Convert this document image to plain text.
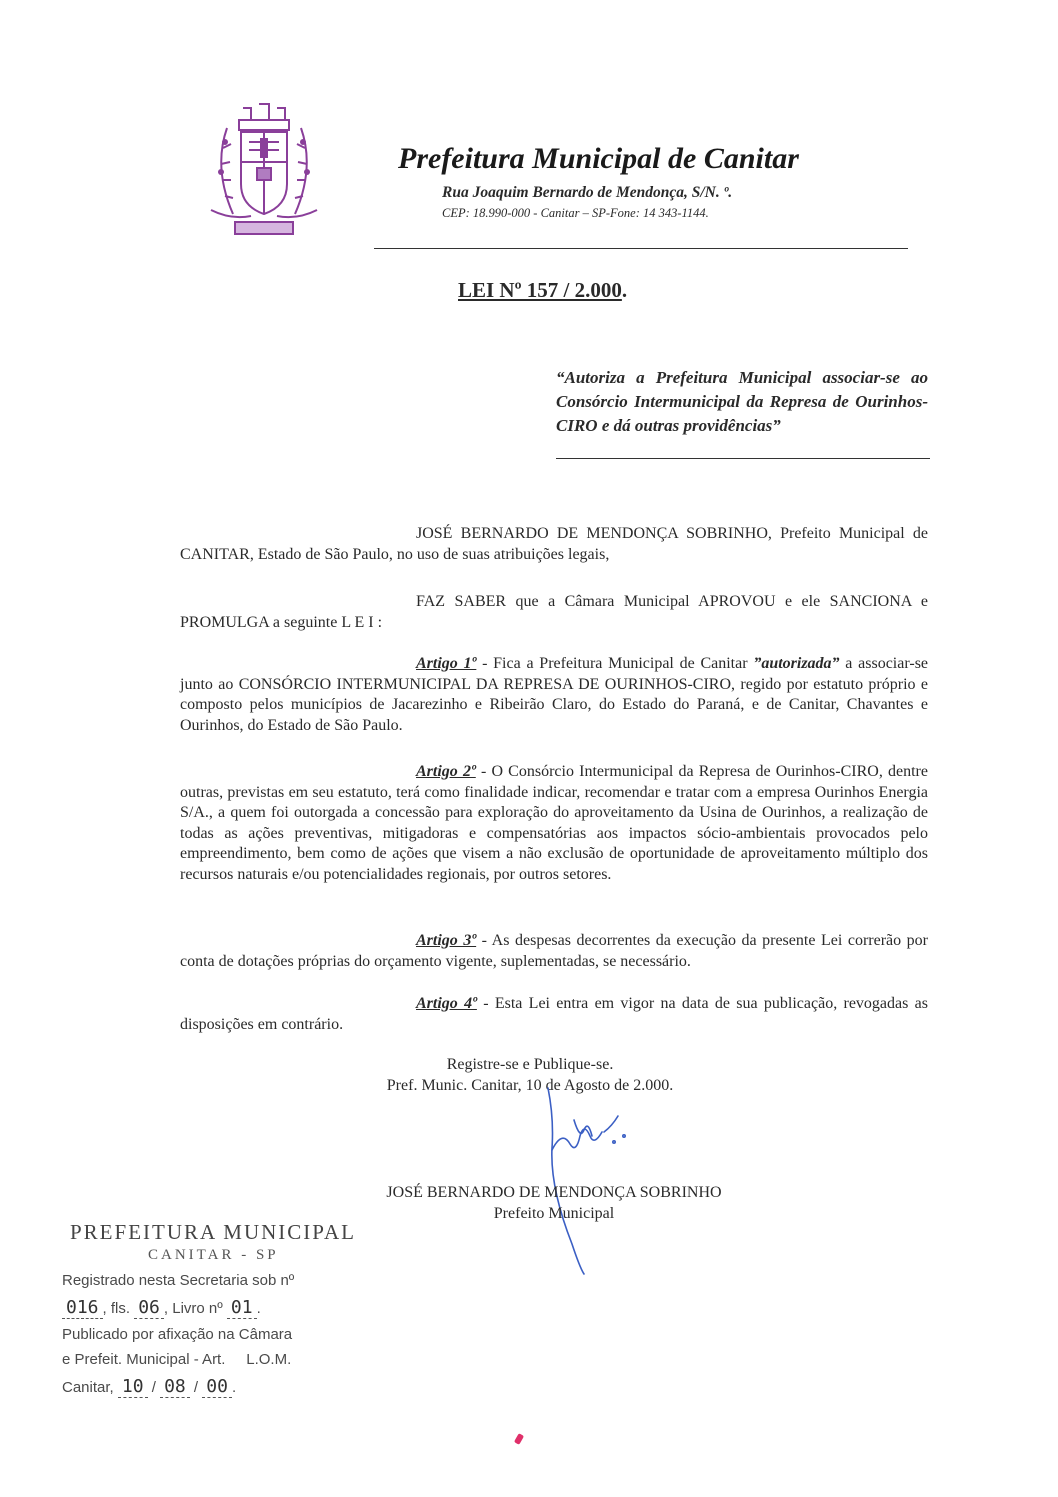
Prefeitura Municipal de Canitar
Rua Joaquim Bernardo de Mendonça, S/N. º.
CEP: 18.990-000 - Canitar – SP-Fone: 14 343-1144.
LEI Nº 157 / 2.000.
“Autoriza a Prefeitura Municipal associar-se ao Consórcio Intermunicipal da Represa de Ourinhos-CIRO e dá outras providências”
JOSÉ BERNARDO DE MENDONÇA SOBRINHO, Prefeito Municipal de CANITAR, Estado de São Paulo, no uso de suas atribuições legais,
FAZ SABER que a Câmara Municipal APROVOU e ele SANCIONA e PROMULGA a seguinte L E I :
Artigo 1º - Fica a Prefeitura Municipal de Canitar ”autorizada” a associar-se junto ao CONSÓRCIO INTERMUNICIPAL DA REPRESA DE OURINHOS-CIRO, regido por estatuto próprio e composto pelos municípios de Jacarezinho e Ribeirão Claro, do Estado do Paraná, e de Canitar, Chavantes e Ourinhos, do Estado de São Paulo.
Artigo 2º - O Consórcio Intermunicipal da Represa de Ourinhos-CIRO, dentre outras, previstas em seu estatuto, terá como finalidade indicar, recomendar e tratar com a empresa Ourinhos Energia S/A., a quem foi outorgada a concessão para exploração do aproveitamento da Usina de Ourinhos, a realização de todas as ações preventivas, mitigadoras e compensatórias aos impactos sócio-ambientais provocados pelo empreendimento, bem como de ações que visem a não exclusão de oportunidade de aproveitamento múltiplo dos recursos naturais e/ou potencialidades regionais, por outros setores.
Artigo 3º - As despesas decorrentes da execução da presente Lei correrão por conta de dotações próprias do orçamento vigente, suplementadas, se necessário.
Artigo 4º - Esta Lei entra em vigor na data de sua publicação, revogadas as disposições em contrário.
Registre-se e Publique-se.
Pref. Munic. Canitar, 10 de Agosto de 2.000.
JOSÉ BERNARDO DE MENDONÇA SOBRINHO
Prefeito Municipal
PREFEITURA MUNICIPAL
CANITAR - SP
Registrado nesta Secretaria sob nº
016 , fls. 06 , Livro nº 01 .
Publicado por afixação na Câmara
e Prefeit. Municipal - Art.     L.O.M.
Canitar, 10 / 08 / 00 .
